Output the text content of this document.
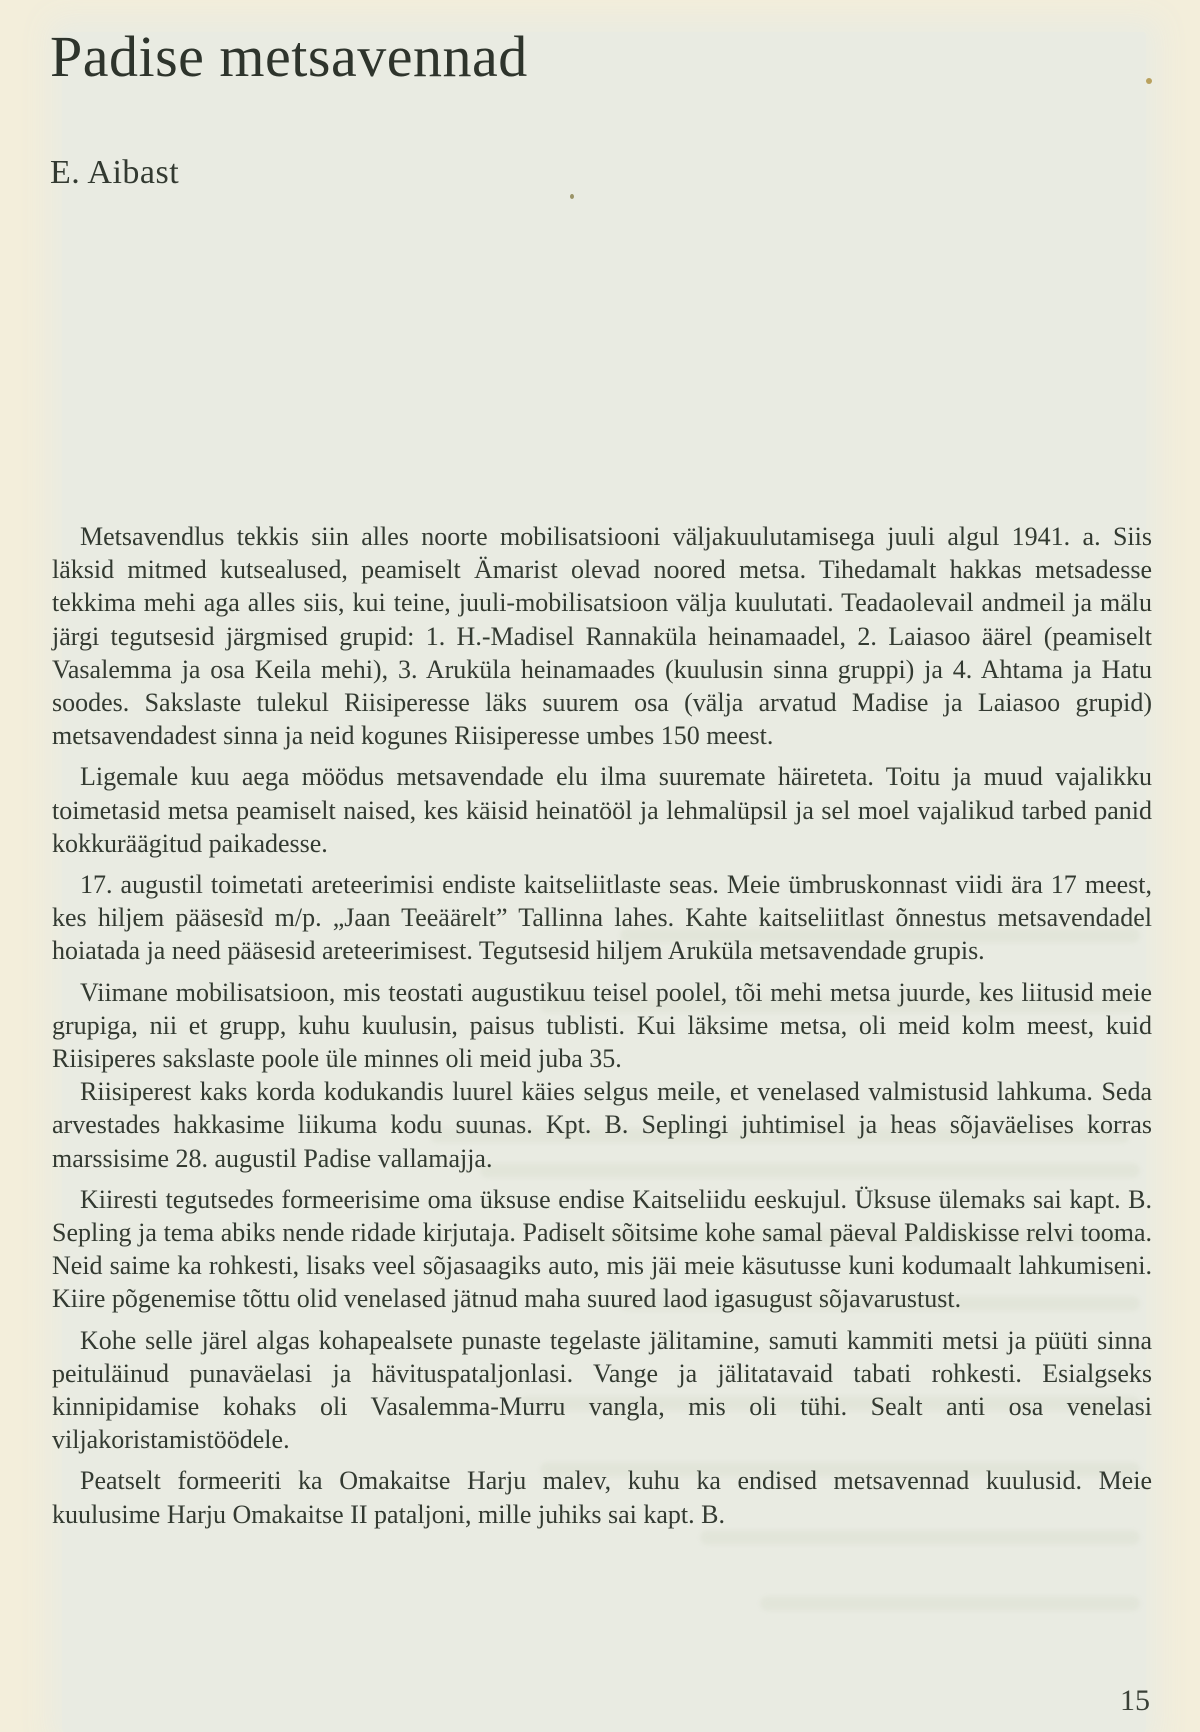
Padise metsavennad
E. Aibast

Metsavendlus tekkis siin alles noorte mobilisatsiooni väljakuulutamisega juuli algul 1941. a. Siis läksid mitmed kutsealused, peamiselt Ämarist olevad noored metsa. Tihedamalt hakkas metsadesse tekkima mehi aga alles siis, kui teine, juuli-mobilisatsioon välja kuulutati. Teadaolevail andmeil ja mälu järgi tegutsesid järgmised grupid: 1. H.-Madisel Rannaküla heinamaadel, 2. Laiasoo äärel (peamiselt Vasalemma ja osa Keila mehi), 3. Aruküla heinamaades (kuulusin sinna gruppi) ja 4. Ahtama ja Hatu soodes. Sakslaste tulekul Riisiperesse läks suurem osa (välja arvatud Madise ja Laiasoo grupid) metsavendadest sinna ja neid kogunes Riisiperesse umbes 150 meest.

Ligemale kuu aega möödus metsavendade elu ilma suuremate häireteta. Toitu ja muud vajalikku toimetasid metsa peamiselt naised, kes käisid heinatööl ja lehmalüpsil ja sel moel vajalikud tarbed panid kokkuräägitud paikadesse.

17. augustil toimetati areteerimisi endiste kaitseliitlaste seas. Meie ümbruskonnast viidi ära 17 meest, kes hiljem pääsesid m/p. „Jaan Teeäärelt” Tallinna lahes. Kahte kaitseliitlast õnnestus metsavendadel hoiatada ja need pääsesid areteerimisest. Tegutsesid hiljem Aruküla metsavendade grupis.

Viimane mobilisatsioon, mis teostati augustikuu teisel poolel, tõi mehi metsa juurde, kes liitusid meie grupiga, nii et grupp, kuhu kuulusin, paisus tublisti. Kui läksime metsa, oli meid kolm meest, kuid Riisiperes sakslaste poole üle minnes oli meid juba 35.

Riisiperest kaks korda kodukandis luurel käies selgus meile, et venelased valmistusid lahkuma. Seda arvestades hakkasime liikuma kodu suunas. Kpt. B. Seplingi juhtimisel ja heas sõjaväelises korras marssisime 28. augustil Padise vallamajja.

Kiiresti tegutsedes formeerisime oma üksuse endise Kaitseliidu eeskujul. Üksuse ülemaks sai kapt. B. Sepling ja tema abiks nende ridade kirjutaja. Padiselt sõitsime kohe samal päeval Paldiskisse relvi tooma. Neid saime ka rohkesti, lisaks veel sõjasaagiks auto, mis jäi meie käsutusse kuni kodumaalt lahkumiseni. Kiire põgenemise tõttu olid venelased jätnud maha suured laod igasugust sõjavarustust.

Kohe selle järel algas kohapealsete punaste tegelaste jälitamine, samuti kammiti metsi ja püüti sinna peituläinud punaväelasi ja hävituspataljonlasi. Vange ja jälitatavaid tabati rohkesti. Esialgseks kinnipidamise kohaks oli Vasalemma-Murru vangla, mis oli tühi. Sealt anti osa venelasi viljakoristamistöödele.

Peatselt formeeriti ka Omakaitse Harju malev, kuhu ka endised metsavennad kuulusid. Meie kuulusime Harju Omakaitse II pataljoni, mille juhiks sai kapt. B.

15
